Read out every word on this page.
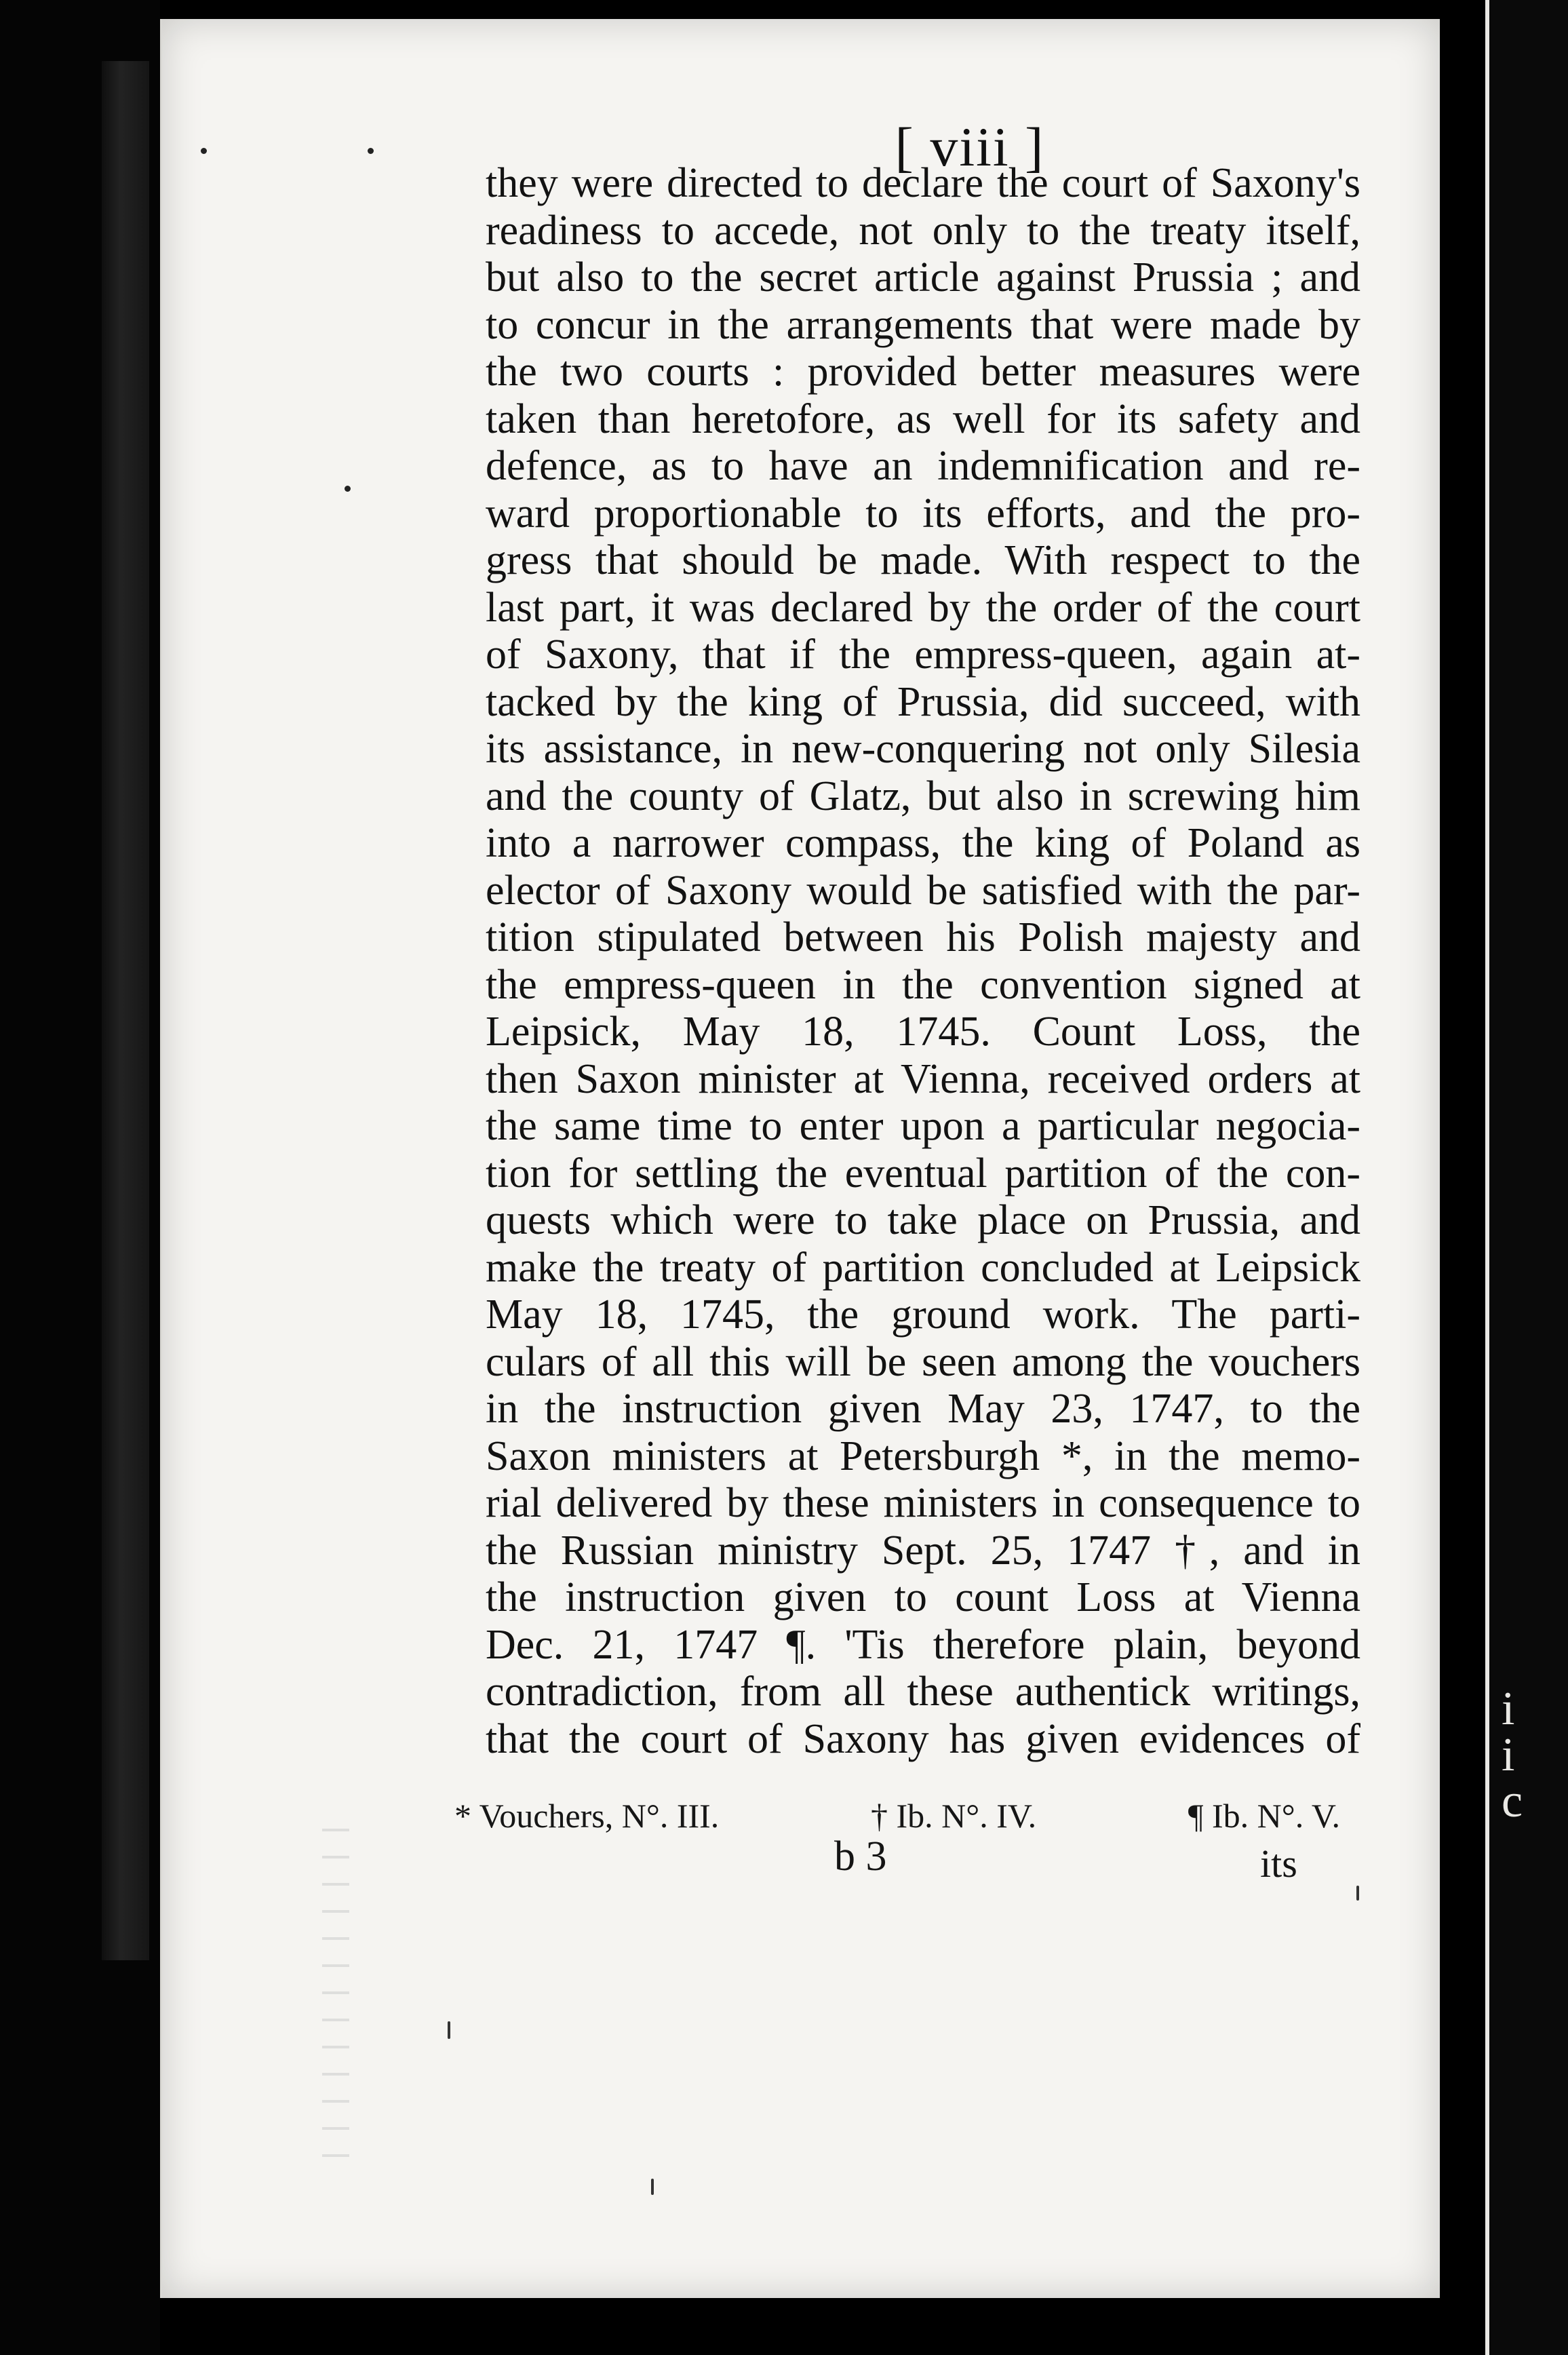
i
i
c
[ viii ]
they were directed to declare the court of Saxony's
readiness to accede, not only to the treaty itself,
but also to the secret article against Prussia ; and
to concur in the arrangements that were made by
the two courts : provided better measures were
taken than heretofore, as well for its safety and
defence, as to have an indemnification and re-
ward proportionable to its efforts, and the pro-
gress that should be made. With respect to the
last part, it was declared by the order of the court
of Saxony, that if the empress-queen, again at-
tacked by the king of Prussia, did succeed, with
its assistance, in new-conquering not only Silesia
and the county of Glatz, but also in screwing him
into a narrower compass, the king of Poland as
elector of Saxony would be satisfied with the par-
tition stipulated between his Polish majesty and
the empress-queen in the convention signed at
Leipsick, May 18, 1745. Count Loss, the
then Saxon minister at Vienna, received orders at
the same time to enter upon a particular negocia-
tion for settling the eventual partition of the con-
quests which were to take place on Prussia, and
make the treaty of partition concluded at Leipsick
May 18, 1745, the ground work. The parti-
culars of all this will be seen among the vouchers
in the instruction given May 23, 1747, to the
Saxon ministers at Petersburgh *, in the memo-
rial delivered by these ministers in consequence to
the Russian ministry Sept. 25, 1747 †, and in
the instruction given to count Loss at Vienna
Dec. 21, 1747 ¶. 'Tis therefore plain, beyond
contradiction, from all these authentick writings,
that the court of Saxony has given evidences of
* Vouchers, N°. III.	† Ib. N°. IV.	¶ Ib. N°. V.
b 3	its
